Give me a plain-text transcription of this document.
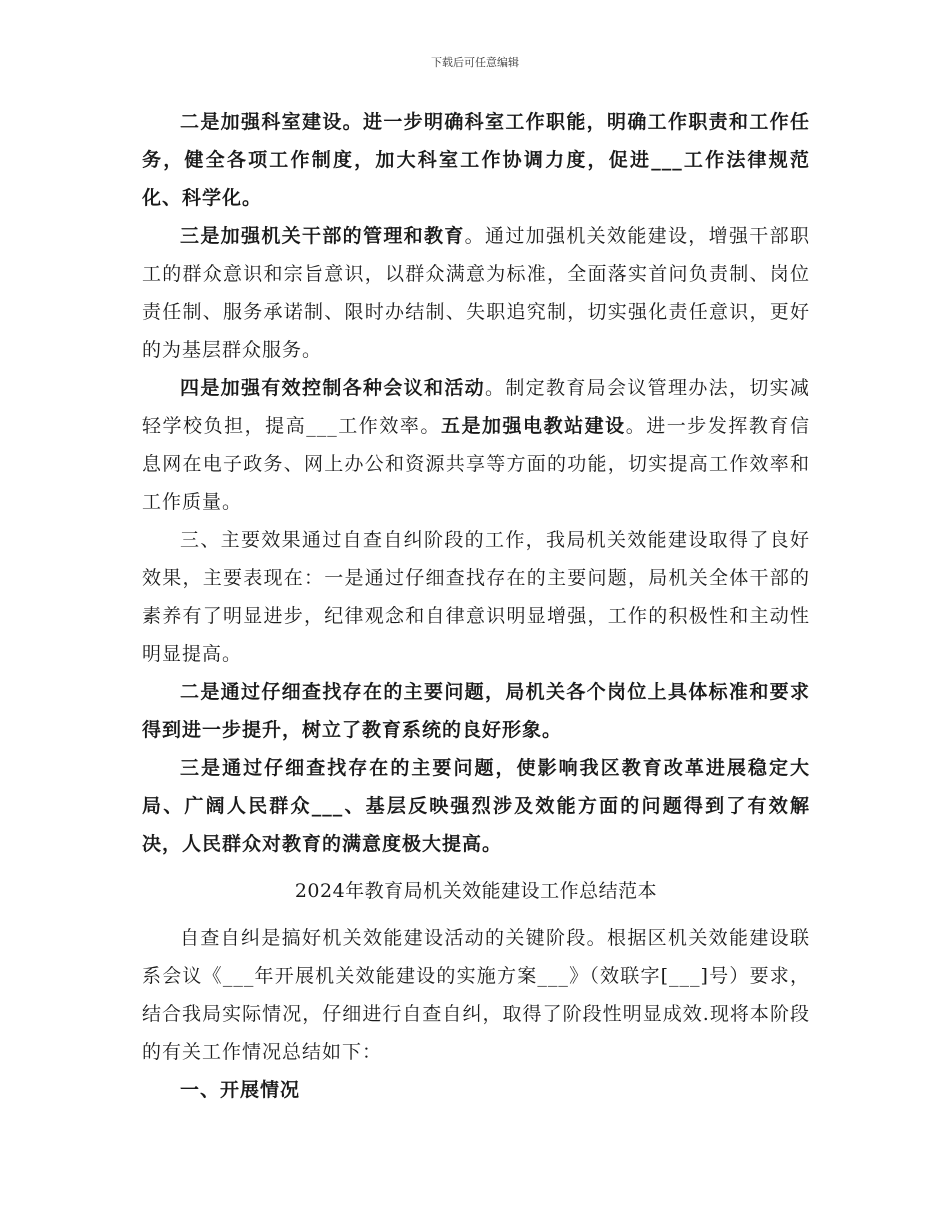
下载后可任意编辑

二是加强科室建设。进一步明确科室工作职能，明确工作职责和工作任务，健全各项工作制度，加大科室工作协调力度，促进___工作法律规范化、科学化。

三是加强机关干部的管理和教育。通过加强机关效能建设，增强干部职工的群众意识和宗旨意识，以群众满意为标准，全面落实首问负责制、岗位责任制、服务承诺制、限时办结制、失职追究制，切实强化责任意识，更好的为基层群众服务。

四是加强有效控制各种会议和活动。制定教育局会议管理办法，切实减轻学校负担，提高___工作效率。五是加强电教站建设。进一步发挥教育信息网在电子政务、网上办公和资源共享等方面的功能，切实提高工作效率和工作质量。

三、主要效果通过自查自纠阶段的工作，我局机关效能建设取得了良好效果，主要表现在：一是通过仔细查找存在的主要问题，局机关全体干部的素养有了明显进步，纪律观念和自律意识明显增强，工作的积极性和主动性明显提高。

二是通过仔细查找存在的主要问题，局机关各个岗位上具体标准和要求得到进一步提升，树立了教育系统的良好形象。

三是通过仔细查找存在的主要问题，使影响我区教育改革进展稳定大局、广阔人民群众___、基层反映强烈涉及效能方面的问题得到了有效解决，人民群众对教育的满意度极大提高。

2024年教育局机关效能建设工作总结范本

自查自纠是搞好机关效能建设活动的关键阶段。根据区机关效能建设联系会议《___年开展机关效能建设的实施方案___》（效联字[___]号）要求，结合我局实际情况，仔细进行自查自纠，取得了阶段性明显成效.现将本阶段的有关工作情况总结如下：

一、开展情况
